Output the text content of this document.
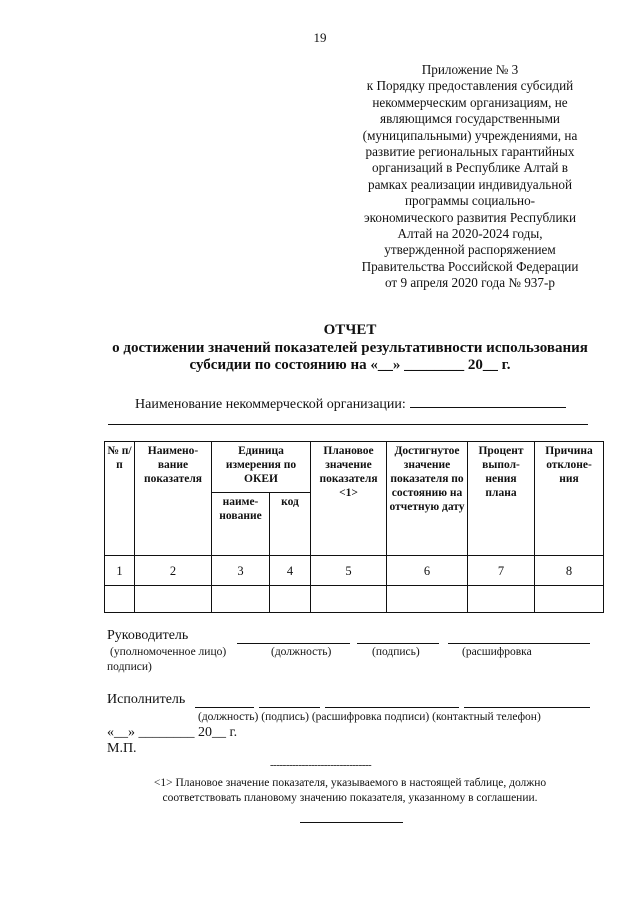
19
Приложение № 3
к Порядку предоставления субсидий
некоммерческим организациям, не
являющимся государственными
(муниципальными) учреждениями, на
развитие региональных гарантийных
организаций в Республике Алтай в
рамках реализации индивидуальной
программы социально-
экономического развития Республики
Алтай на 2020-2024 годы,
утвержденной распоряжением
Правительства Российской Федерации
от 9 апреля 2020 года № 937-р
ОТЧЕТ
о достижении значений показателей результативности использования
субсидии по состоянию на «__» ________ 20__ г.
Наименование некоммерческой организации:
№ п/п	Наимено-вание показателя	Единица измерения по ОКЕИ		Плановое значение показателя <1>	Достигнутое значение показателя по состоянию на отчетную дату	Процент выпол-нения плана	Причина отклоне-ния
		наиме-нование	код				
1	2	3	4	5	6	7	8

Руководитель
(уполномоченное лицо)	(должность)	(подпись)	(расшифровка
подписи)
Исполнитель
(должность) (подпись) (расшифровка подписи) (контактный телефон)
«__» ________ 20__ г.
М.П.
--------------------------------
<1> Плановое значение показателя, указываемого в настоящей таблице, должно
соответствовать плановому значению показателя, указанному в соглашении.
